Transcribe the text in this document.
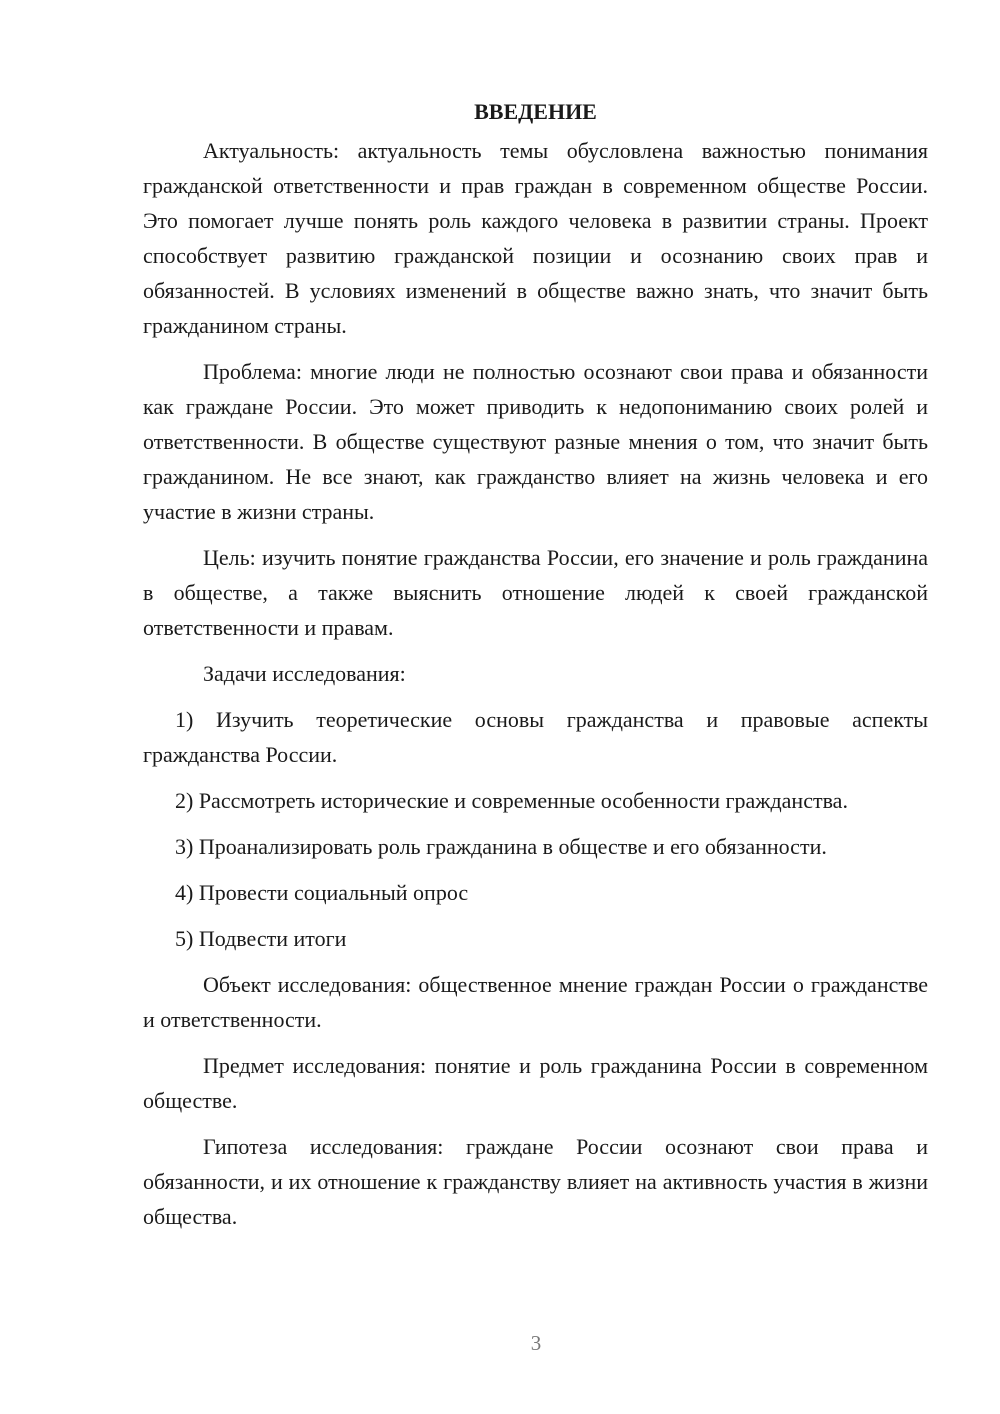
ВВЕДЕНИЕ

Актуальность: актуальность темы обусловлена важностью понимания гражданской ответственности и прав граждан в современном обществе России. Это помогает лучше понять роль каждого человека в развитии страны. Проект способствует развитию гражданской позиции и осознанию своих прав и обязанностей. В условиях изменений в обществе важно знать, что значит быть гражданином страны.

Проблема: многие люди не полностью осознают свои права и обязанности как граждане России. Это может приводить к недопониманию своих ролей и ответственности. В обществе существуют разные мнения о том, что значит быть гражданином. Не все знают, как гражданство влияет на жизнь человека и его участие в жизни страны.

Цель: изучить понятие гражданства России, его значение и роль гражданина в обществе, а также выяснить отношение людей к своей гражданской ответственности и правам.

Задачи исследования:

1) Изучить теоретические основы гражданства и правовые аспекты гражданства России.

2) Рассмотреть исторические и современные особенности гражданства.

3) Проанализировать роль гражданина в обществе и его обязанности.

4) Провести социальный опрос

5) Подвести итоги

Объект исследования: общественное мнение граждан России о гражданстве и ответственности.

Предмет исследования: понятие и роль гражданина России в современном обществе.

Гипотеза исследования: граждане России осознают свои права и обязанности, и их отношение к гражданству влияет на активность участия в жизни общества.

3
